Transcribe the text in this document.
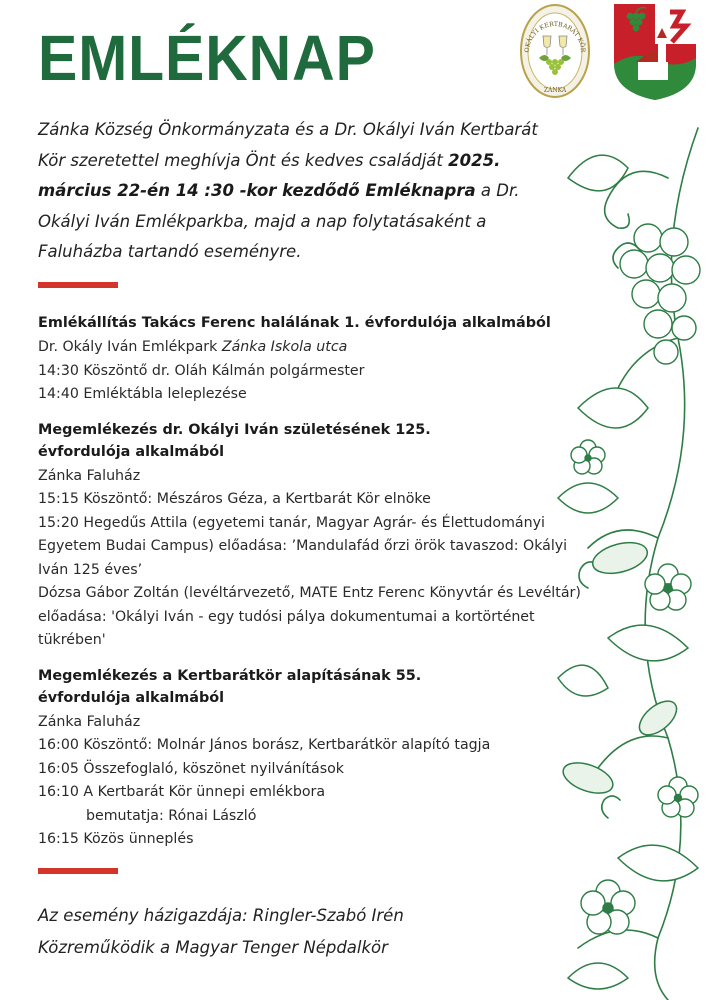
EMLÉKNAP	OKÁLYI KERTBARÁT KÖR
ZÁNKA

Zánka Község Önkormányzata és a Dr. Okályi Iván Kertbarát Kör szeretettel meghívja Önt és kedves családját 2025. március 22-én 14 :30 -kor kezdődő Emléknapra a Dr. Okályi Iván Emlékparkba, majd a nap folytatásaként a Faluházba tartandó eseményre.

Emlékállítás Takács Ferenc halálának 1. évfordulója alkalmából

Dr. Okály Iván Emlékpark Zánka Iskola utca

14:30 Köszöntő dr. Oláh Kálmán polgármester

14:40 Emléktábla leleplezése

Megemlékezés dr. Okályi Iván születésének 125. évfordulója alkalmából

Zánka Faluház

15:15 Köszöntő: Mészáros Géza, a Kertbarát Kör elnöke

15:20 Hegedűs Attila (egyetemi tanár, Magyar Agrár- és Élettudományi Egyetem Budai Campus) előadása: ’Mandulafád őrzi örök tavaszod: Okályi Iván 125 éves’

Dózsa Gábor Zoltán (levéltárvezető, MATE Entz Ferenc Könyvtár és Levéltár) előadása: 'Okályi Iván - egy tudósi pálya dokumentumai a kortörténet tükrében'

Megemlékezés a Kertbarátkör alapításának 55. évfordulója alkalmából

Zánka Faluház

16:00 Köszöntő: Molnár János borász, Kertbarátkör alapító tagja

16:05 Összefoglaló, köszönet nyilvánítások

16:10 A Kertbarát Kör ünnepi emlékbora

bemutatja: Rónai László

16:15 Közös ünneplés

Az esemény házigazdája: Ringler-Szabó Irén
Közreműködik a Magyar Tenger Népdalkör
